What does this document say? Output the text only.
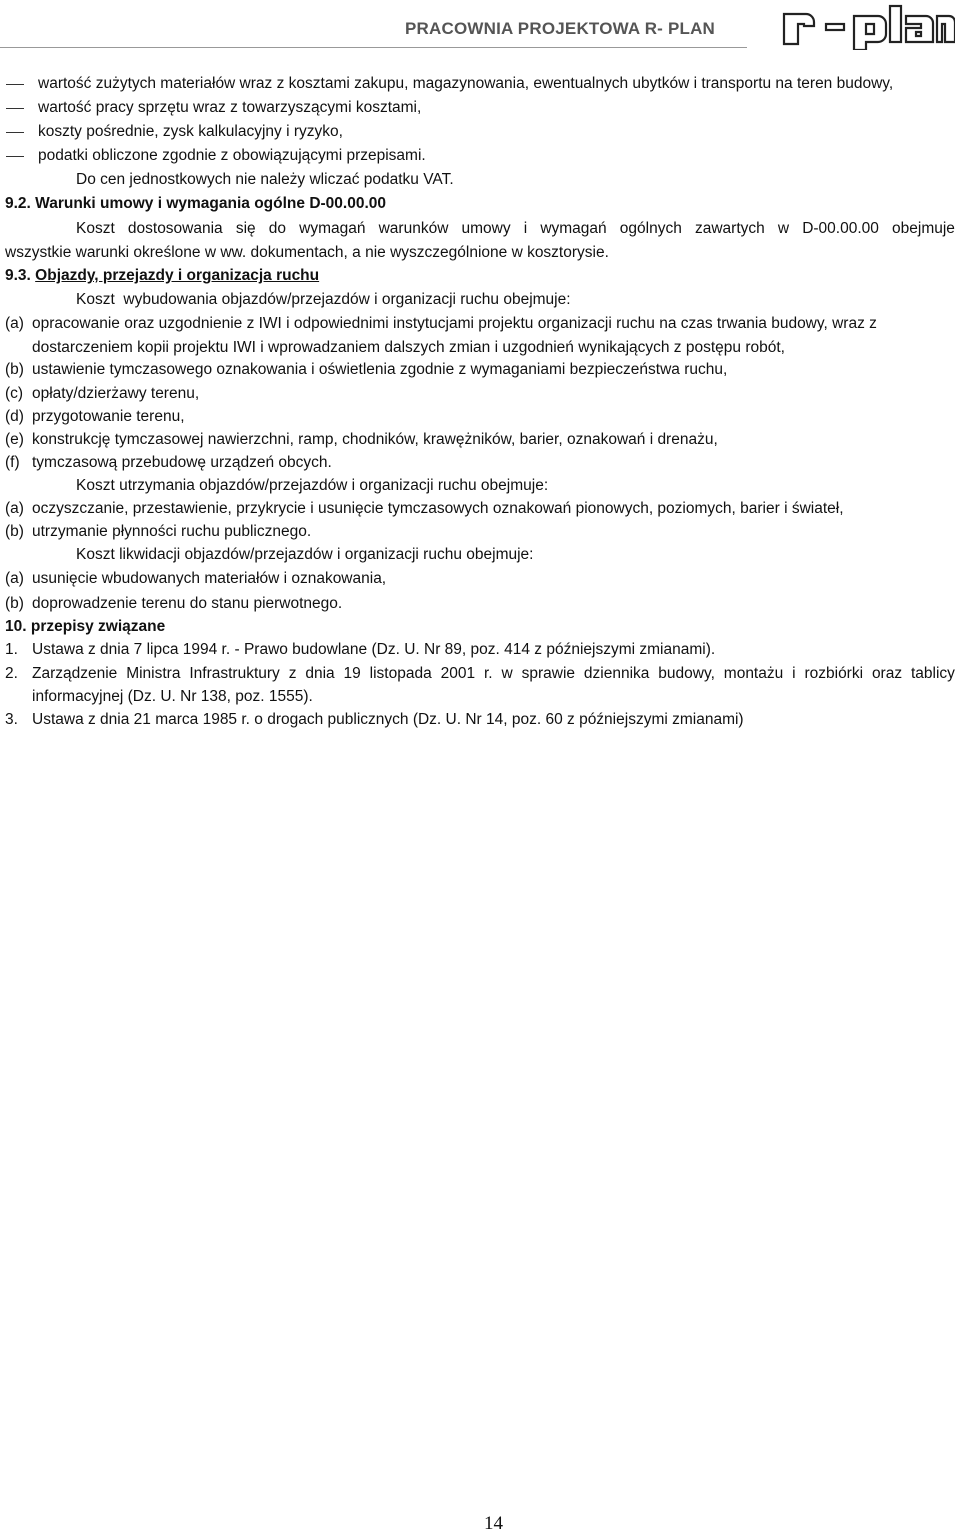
PRACOWNIA PROJEKTOWA R- PLAN
wartość zużytych materiałów wraz z kosztami zakupu, magazynowania, ewentualnych ubytków i transportu na teren budowy,
wartość pracy sprzętu wraz z towarzyszącymi kosztami,
koszty pośrednie, zysk kalkulacyjny i ryzyko,
podatki obliczone zgodnie z obowiązującymi przepisami.
Do cen jednostkowych nie należy wliczać podatku VAT.
9.2. Warunki umowy i wymagania ogólne D-00.00.00
Koszt dostosowania się do wymagań warunków umowy i wymagań ogólnych zawartych w D-00.00.00 obejmuje
wszystkie warunki określone w ww. dokumentach, a nie wyszczególnione w kosztorysie.
9.3. Objazdy, przejazdy i organizacja ruchu
Koszt  wybudowania objazdów/przejazdów i organizacji ruchu obejmuje:
(a) opracowanie oraz uzgodnienie z IWI i odpowiednimi instytucjami projektu organizacji ruchu na czas trwania budowy, wraz z
dostarczeniem kopii projektu IWI i wprowadzaniem dalszych zmian i uzgodnień wynikających z postępu robót,
(b) ustawienie tymczasowego oznakowania i oświetlenia zgodnie z wymaganiami bezpieczeństwa ruchu,
(c) opłaty/dzierżawy terenu,
(d) przygotowanie terenu,
(e) konstrukcję tymczasowej nawierzchni, ramp, chodników, krawężników, barier, oznakowań i drenażu,
(f) tymczasową przebudowę urządzeń obcych.
Koszt utrzymania objazdów/przejazdów i organizacji ruchu obejmuje:
(a) oczyszczanie, przestawienie, przykrycie i usunięcie tymczasowych oznakowań pionowych, poziomych, barier i świateł,
(b) utrzymanie płynności ruchu publicznego.
Koszt likwidacji objazdów/przejazdów i organizacji ruchu obejmuje:
(a) usunięcie wbudowanych materiałów i oznakowania,
(b) doprowadzenie terenu do stanu pierwotnego.
10. przepisy związane
1. Ustawa z dnia 7 lipca 1994 r. - Prawo budowlane (Dz. U. Nr 89, poz. 414 z późniejszymi zmianami).
2. Zarządzenie Ministra Infrastruktury z dnia 19 listopada 2001 r. w sprawie dziennika budowy, montażu i rozbiórki oraz tablicy
informacyjnej (Dz. U. Nr 138, poz. 1555).
3. Ustawa z dnia 21 marca 1985 r. o drogach publicznych (Dz. U. Nr 14, poz. 60 z późniejszymi zmianami)
14
